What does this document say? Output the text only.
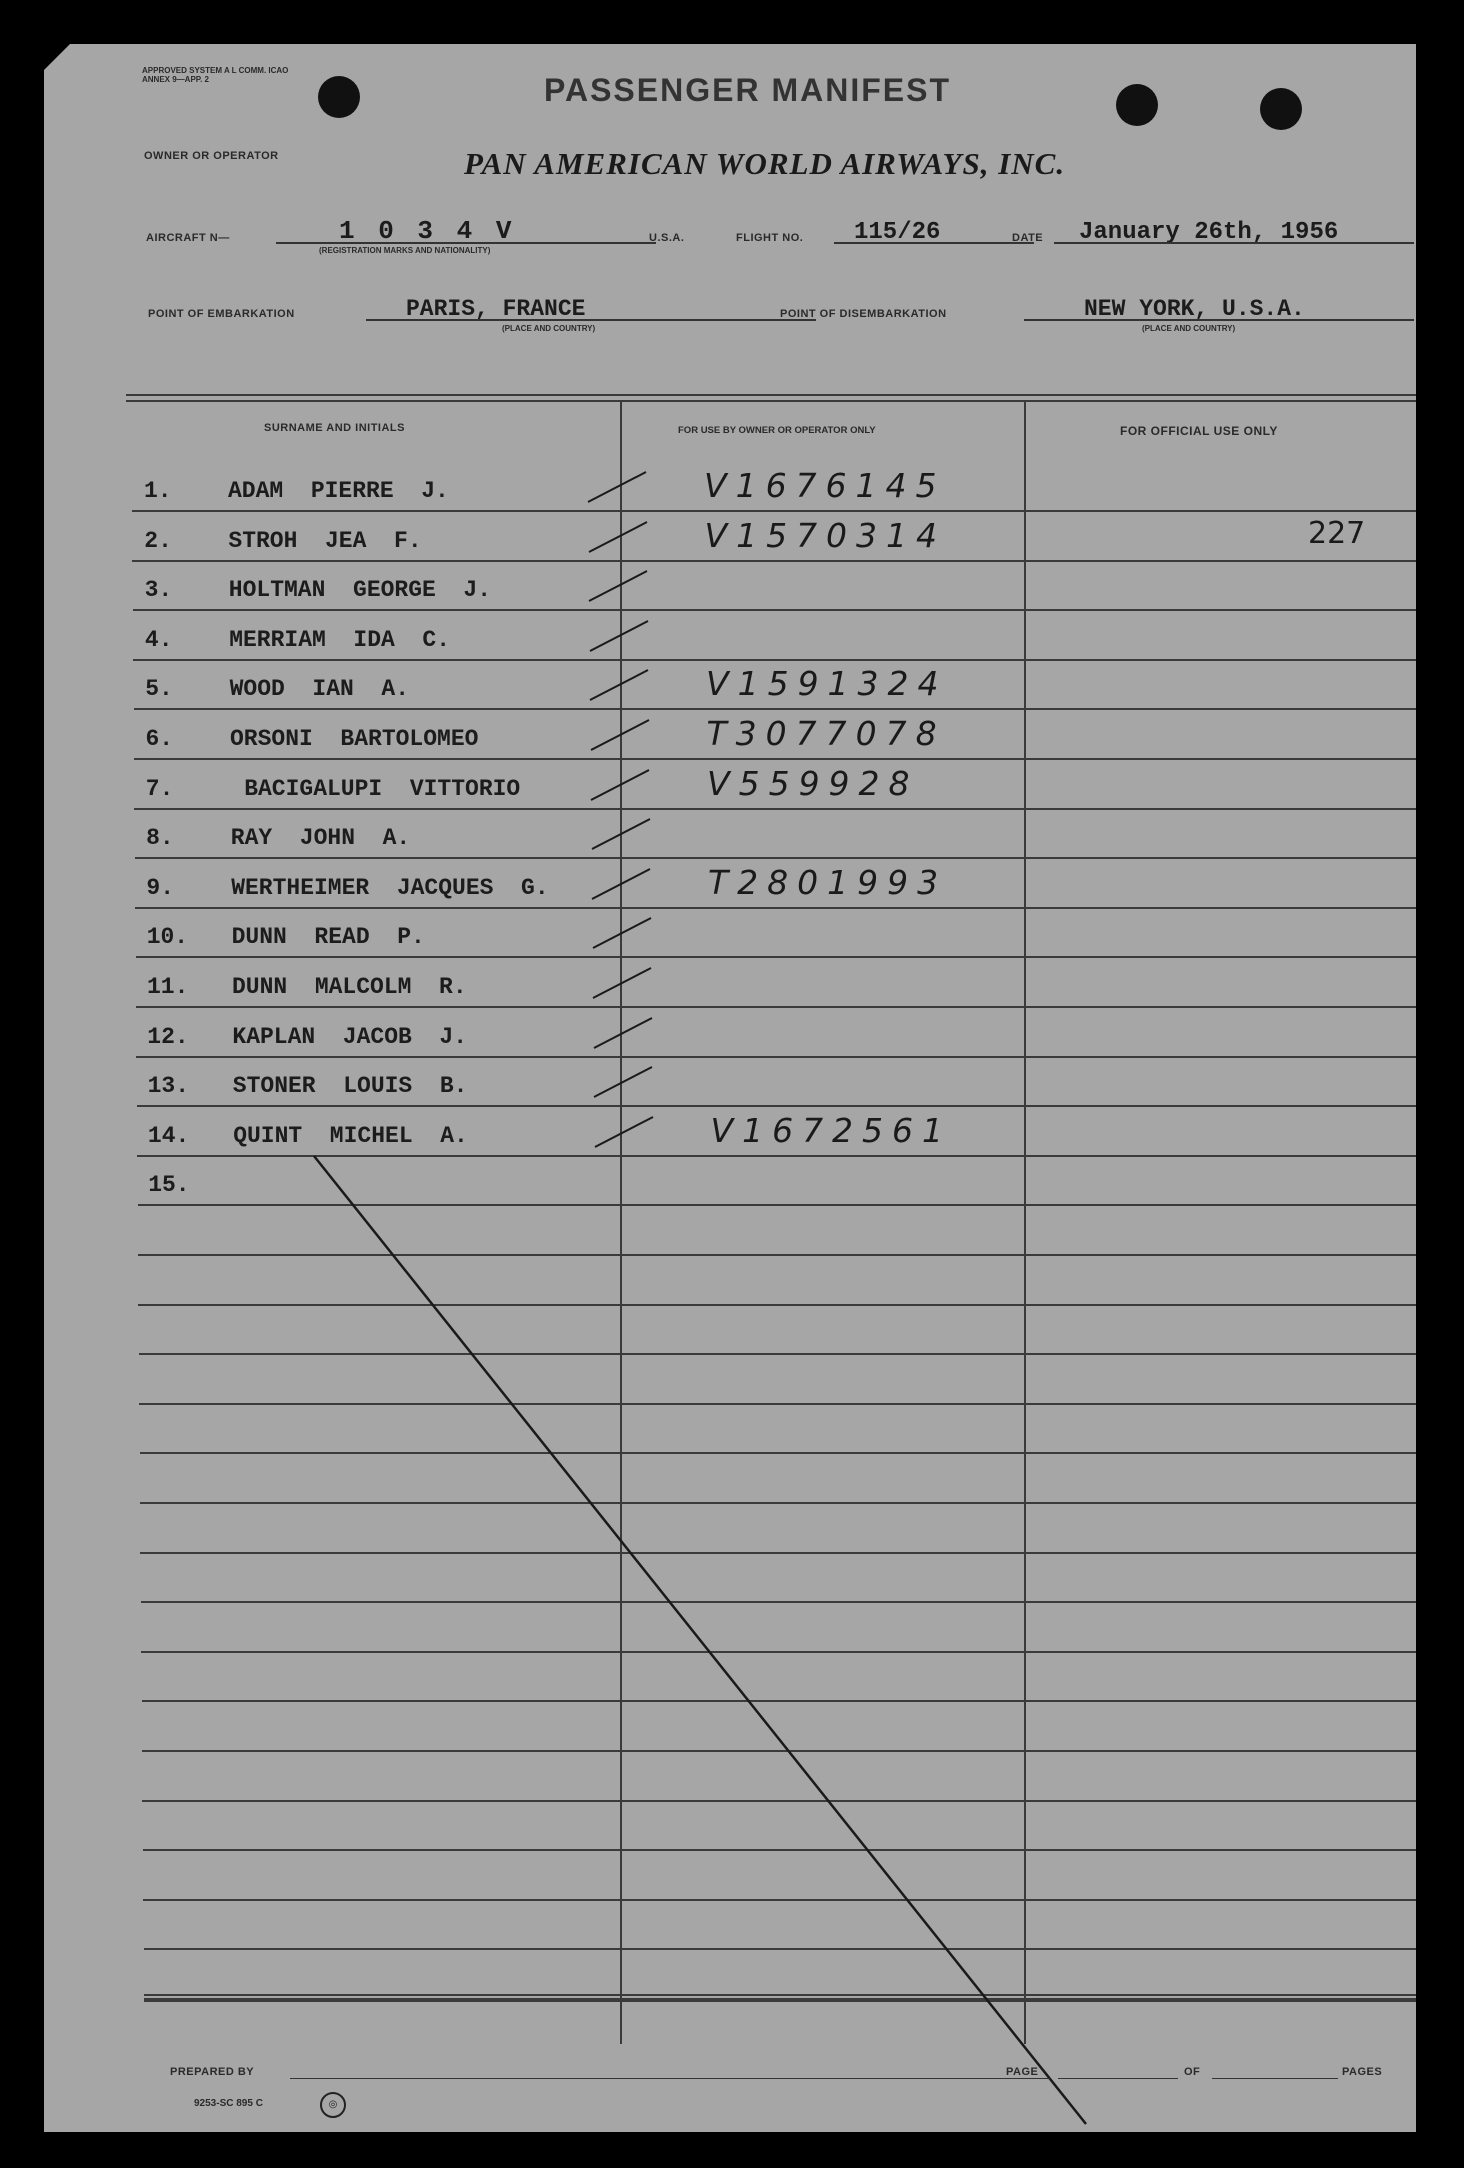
APPROVED SYSTEM A L COMM. ICAO ANNEX 9—APP. 2	PASSENGER MANIFEST
OWNER OR OPERATOR	PAN AMERICAN WORLD AIRWAYS, INC.
AIRCRAFT N—	1 0 3 4 V
(REGISTRATION MARKS AND NATIONALITY)
U.S.A.	FLIGHT NO. 115/26	DATE January 26th, 1956
POINT OF EMBARKATION	PARIS, FRANCE
(PLACE AND COUNTRY)
POINT OF DISEMBARKATION	NEW YORK, U.S.A.
(PLACE AND COUNTRY)
SURNAME AND INITIALS	FOR USE BY OWNER OR OPERATOR ONLY	FOR OFFICIAL USE ONLY
1. ADAM  PIERRE  J.	V1676145
2. STROH  JEA  F.	V1570314	227
3. HOLTMAN  GEORGE  J.
4. MERRIAM  IDA  C.
5. WOOD  IAN  A.	V1591324
6. ORSONI  BARTOLOMEO	T3077078
7. BACIGALUPI  VITTORIO	V559928
8. RAY  JOHN  A.
9. WERTHEIMER  JACQUES  G.	T2801993
10. DUNN  READ  P.
11. DUNN  MALCOLM  R.
12. KAPLAN  JACOB  J.
13. STONER  LOUIS  B.
14. QUINT  MICHEL  A.	V1672561
15.
PREPARED BY	PAGE	OF	PAGES
9253-SC 895 C	◎
